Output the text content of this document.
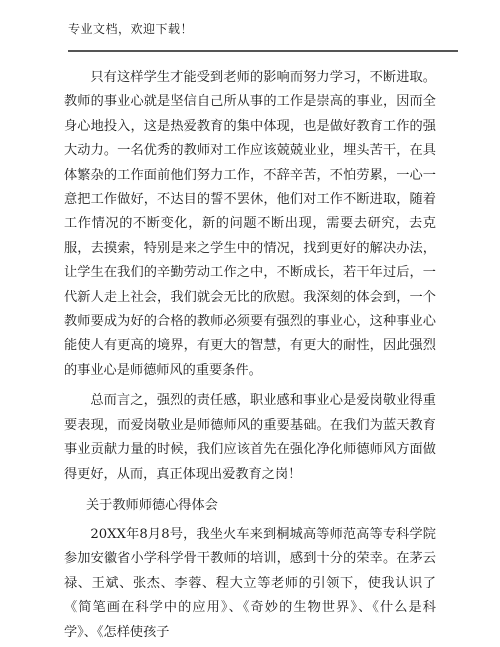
专业文档，欢迎下载！

只有这样学生才能受到老师的影响而努力学习，不断进取。教师的事业心就是坚信自己所从事的工作是崇高的事业，因而全身心地投入，这是热爱教育的集中体现，也是做好教育工作的强大动力。一名优秀的教师对工作应该兢兢业业，埋头苦干，在具体繁杂的工作面前他们努力工作，不辞辛苦，不怕劳累，一心一意把工作做好，不达目的誓不罢休，他们对工作不断进取，随着工作情况的不断变化，新的问题不断出现，需要去研究，去克服，去摸索，特别是来之学生中的情况，找到更好的解决办法，让学生在我们的辛勤劳动工作之中，不断成长，若干年过后，一代新人走上社会，我们就会无比的欣慰。我深刻的体会到，一个教师要成为好的合格的教师必须要有强烈的事业心，这种事业心能使人有更高的境界，有更大的智慧，有更大的耐性，因此强烈的事业心是师德师风的重要条件。

总而言之，强烈的责任感，职业感和事业心是爱岗敬业得重要表现，而爱岗敬业是师德师风的重要基础。在我们为蓝天教育事业贡献力量的时候，我们应该首先在强化净化师德师风方面做得更好，从而，真正体现出爱教育之岗！

关于教师师德心得体会

20XX年8月8号，我坐火车来到桐城高等师范高等专科学院参加安徽省小学科学骨干教师的培训，感到十分的荣幸。在茅云禄、王斌、张杰、李蓉、程大立等老师的引领下，使我认识了《简笔画在科学中的应用》、《奇妙的生物世界》、《什么是科学》、《怎样使孩子
